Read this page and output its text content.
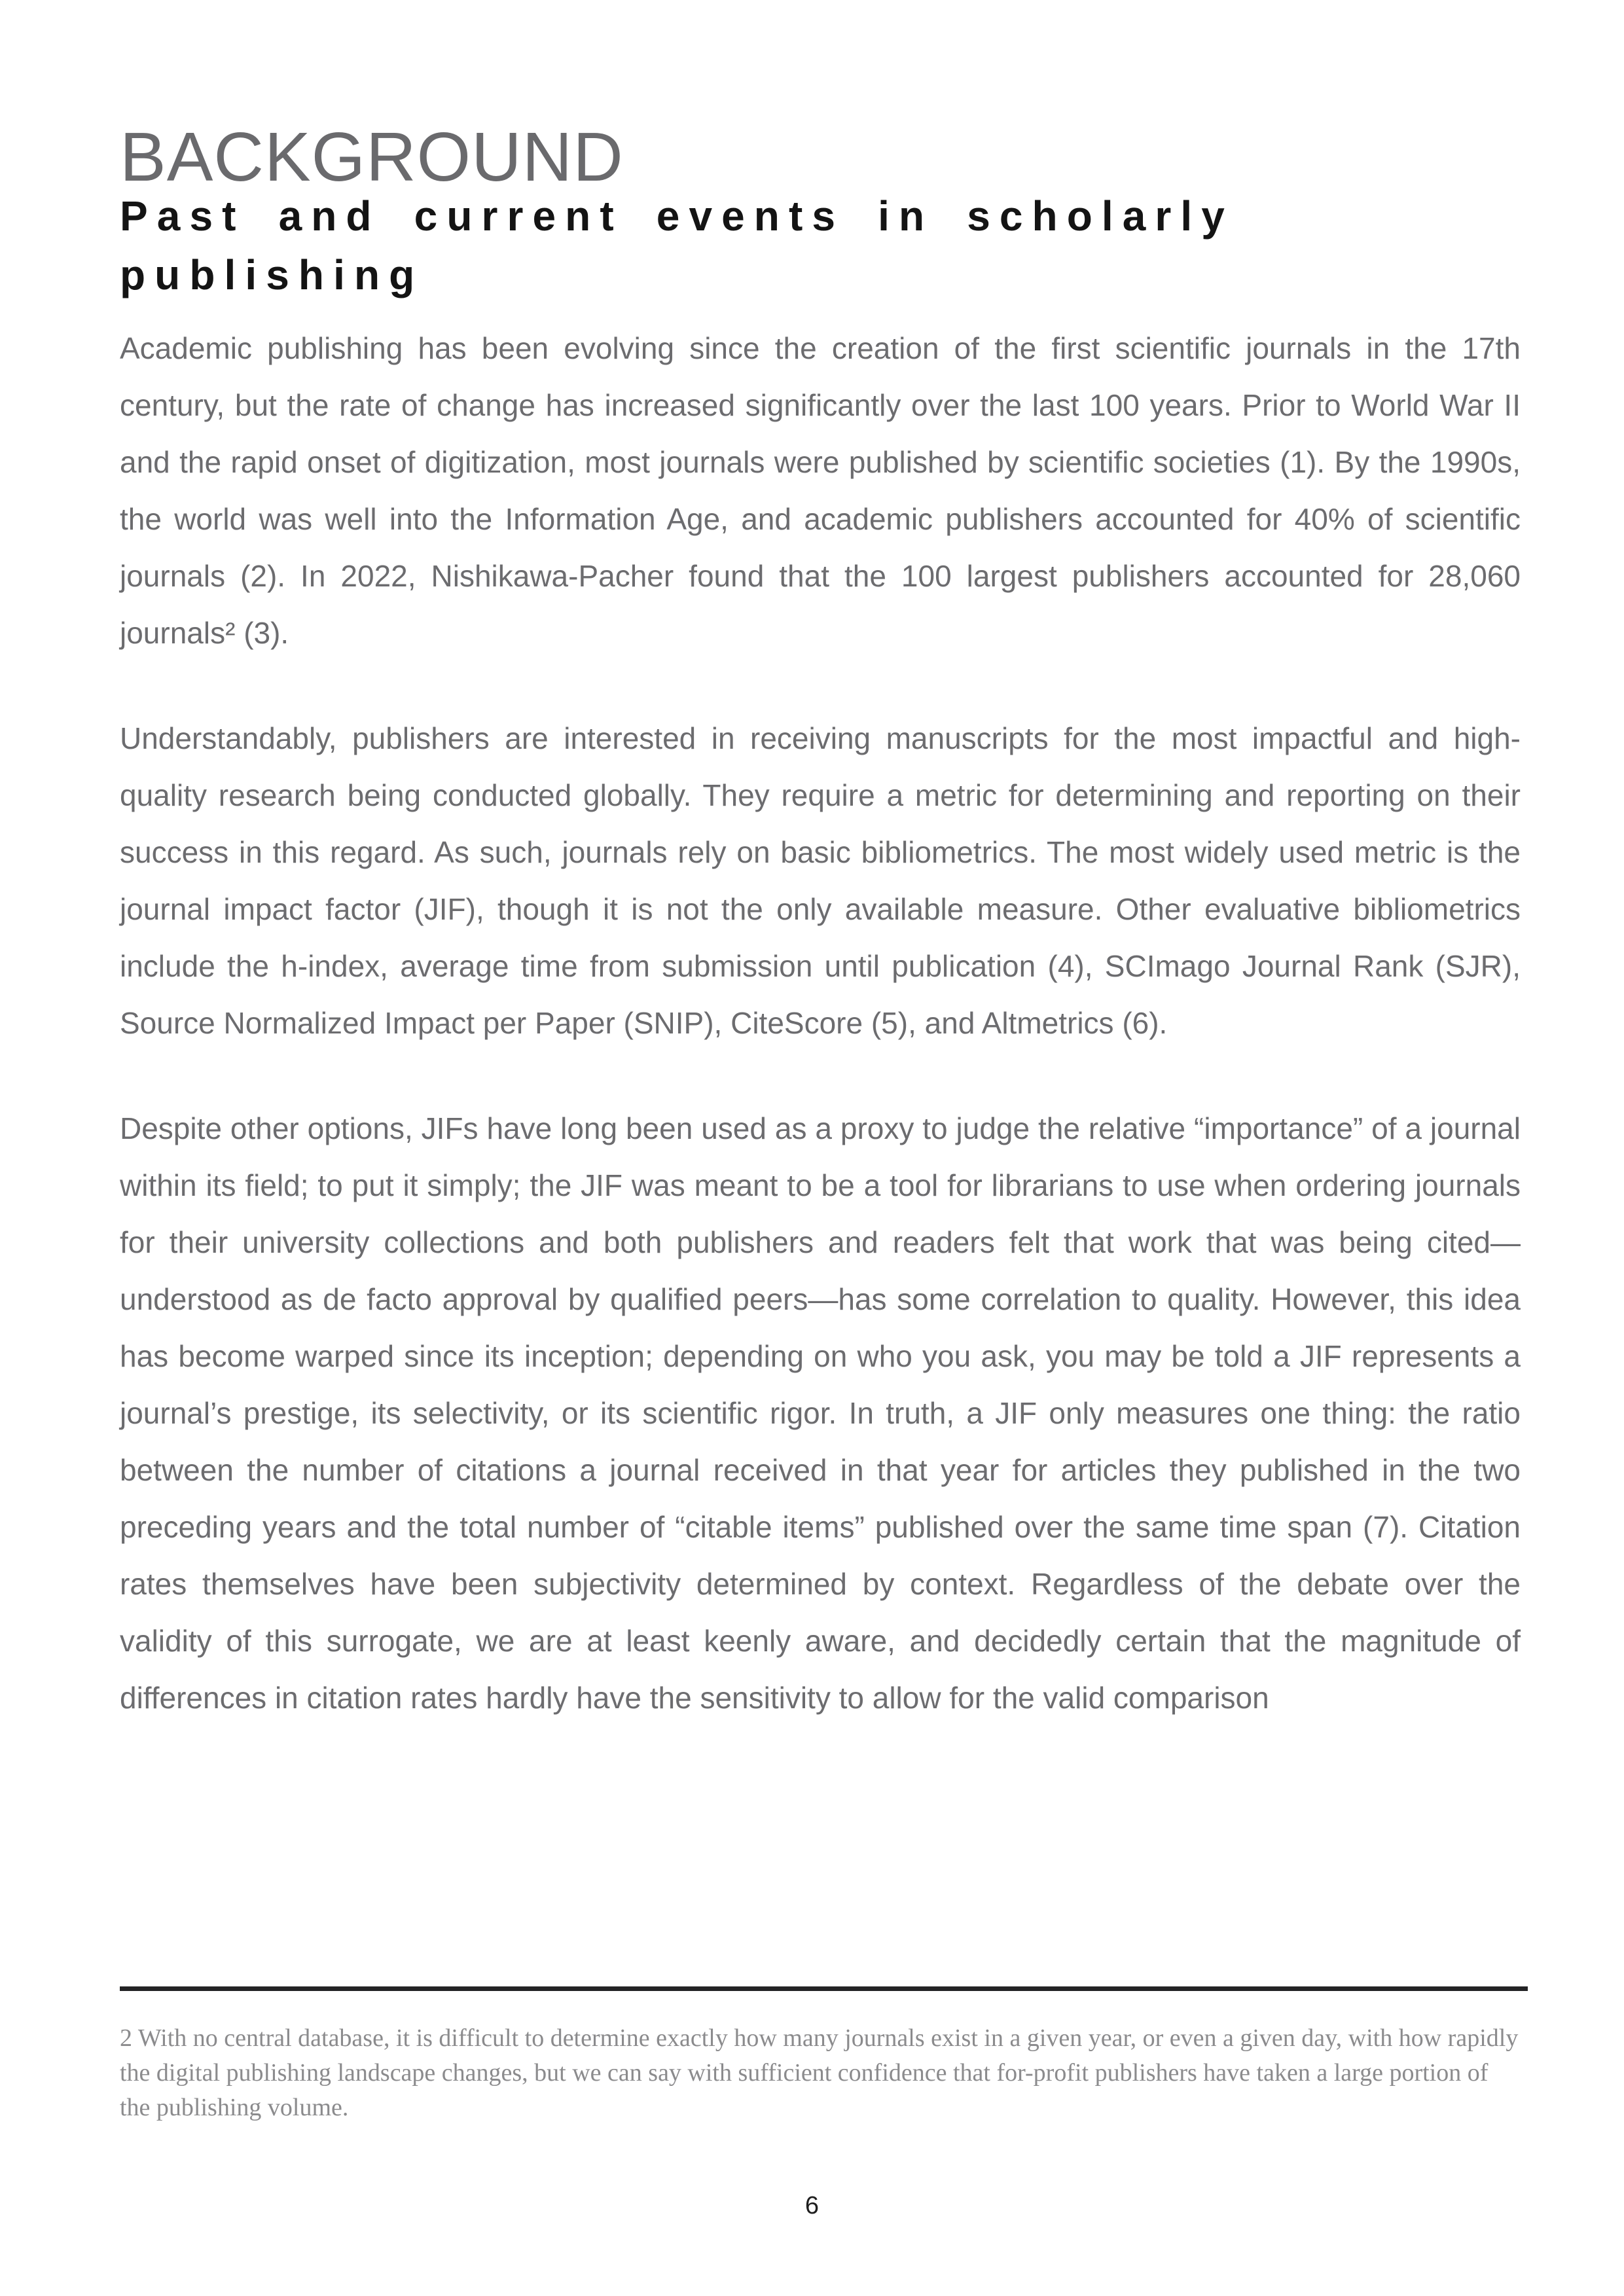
BACKGROUND
Past and current events in scholarly publishing

Academic publishing has been evolving since the creation of the first scientific journals in the 17th century, but the rate of change has increased significantly over the last 100 years. Prior to World War II and the rapid onset of digitization, most journals were published by scientific societies (1). By the 1990s, the world was well into the Information Age, and academic publishers accounted for 40% of scientific journals (2). In 2022, Nishikawa-Pacher found that the 100 largest publishers accounted for 28,060 journals² (3).

Understandably, publishers are interested in receiving manuscripts for the most impactful and high-quality research being conducted globally. They require a metric for determining and reporting on their success in this regard. As such, journals rely on basic bibliometrics. The most widely used metric is the journal impact factor (JIF), though it is not the only available measure. Other evaluative bibliometrics include the h-index, average time from submission until publication (4), SCImago Journal Rank (SJR), Source Normalized Impact per Paper (SNIP), CiteScore (5), and Altmetrics (6).

Despite other options, JIFs have long been used as a proxy to judge the relative “importance” of a journal within its field; to put it simply; the JIF was meant to be a tool for librarians to use when ordering journals for their university collections and both publishers and readers felt that work that was being cited—understood as de facto approval by qualified peers—has some correlation to quality. However, this idea has become warped since its inception; depending on who you ask, you may be told a JIF represents a journal’s prestige, its selectivity, or its scientific rigor. In truth, a JIF only measures one thing: the ratio between the number of citations a journal received in that year for articles they published in the two preceding years and the total number of “citable items” published over the same time span (7). Citation rates themselves have been subjectivity determined by context. Regardless of the debate over the validity of this surrogate, we are at least keenly aware, and decidedly certain that the magnitude of differences in citation rates hardly have the sensitivity to allow for the valid comparison

2 With no central database, it is difficult to determine exactly how many journals exist in a given year, or even a given day, with how rapidly the digital publishing landscape changes, but we can say with sufficient confidence that for-profit publishers have taken a large portion of the publishing volume.

6
